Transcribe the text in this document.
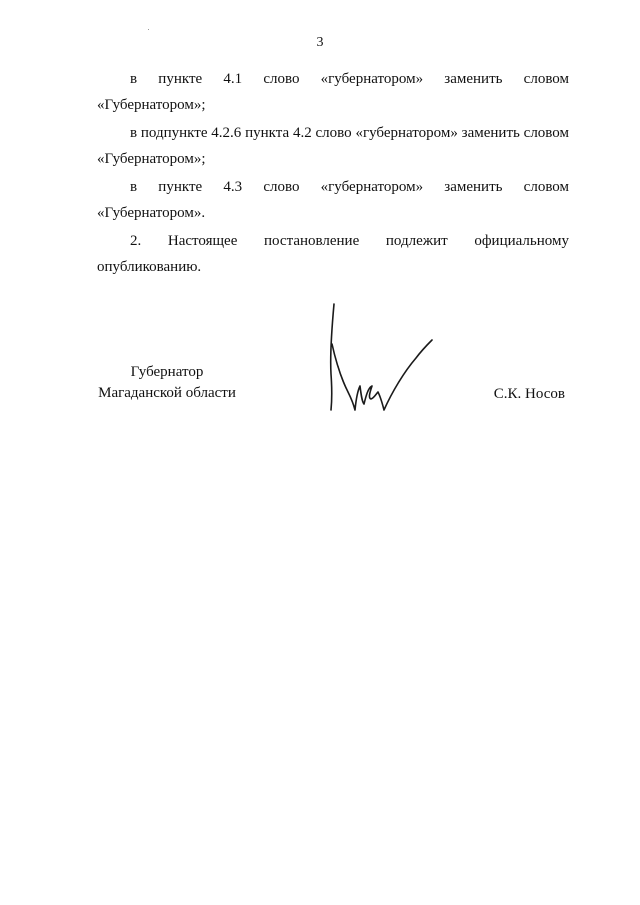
3
в пункте 4.1 слово «губернатором» заменить словом
«Губернатором»;
в подпункте 4.2.6 пункта 4.2 слово «губернатором» заменить словом
«Губернатором»;
в пункте 4.3 слово «губернатором» заменить словом
«Губернатором».
2. Настоящее постановление подлежит официальному
опубликованию.
Губернатор
Магаданской области	С.К. Носов
